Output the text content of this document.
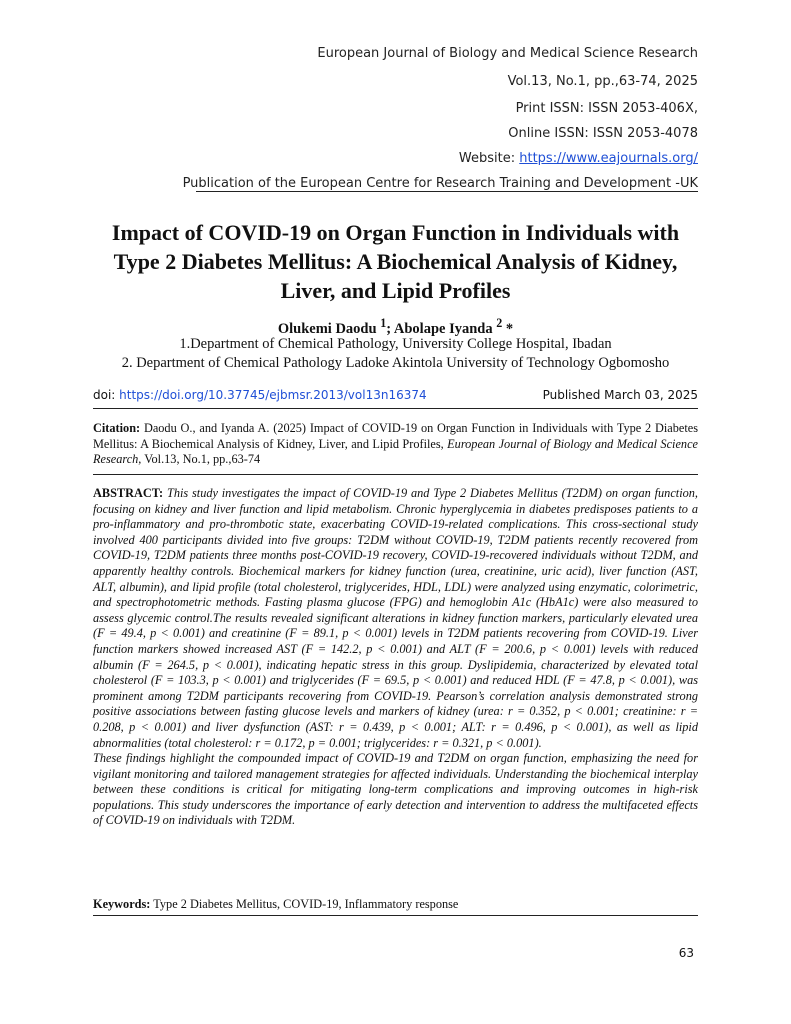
European Journal of Biology and Medical Science Research
Vol.13, No.1, pp.,63-74, 2025
Print ISSN: ISSN 2053-406X,
Online ISSN: ISSN 2053-4078
Website: https://www.eajournals.org/
Publication of the European Centre for Research Training and Development -UK
Impact of COVID-19 on Organ Function in Individuals with
Type 2 Diabetes Mellitus: A Biochemical Analysis of Kidney,
Liver, and Lipid Profiles
Olukemi Daodu $^1$; Abolape Iyanda $^2$ *
1.Department of Chemical Pathology, University College Hospital, Ibadan
2. Department of Chemical Pathology Ladoke Akintola University of Technology Ogbomosho
doi: https://doi.org/10.37745/ejbmsr.2013/vol13n16374	Published March 03, 2025
Citation: Daodu O., and Iyanda A. (2025) Impact of COVID-19 on Organ Function in Individuals with Type 2 Diabetes Mellitus: A Biochemical Analysis of Kidney, Liver, and Lipid Profiles, European Journal of Biology and Medical Science Research, Vol.13, No.1, pp.,63-74

ABSTRACT: This study investigates the impact of COVID-19 and Type 2 Diabetes Mellitus (T2DM) on organ function, focusing on kidney and liver function and lipid metabolism. Chronic hyperglycemia in diabetes predisposes patients to a pro-inflammatory and pro-thrombotic state, exacerbating COVID-19-related complications. This cross-sectional study involved 400 participants divided into five groups: T2DM without COVID-19, T2DM patients recently recovered from COVID-19, T2DM patients three months post-COVID-19 recovery, COVID-19-recovered individuals without T2DM, and apparently healthy controls. Biochemical markers for kidney function (urea, creatinine, uric acid), liver function (AST, ALT, albumin), and lipid profile (total cholesterol, triglycerides, HDL, LDL) were analyzed using enzymatic, colorimetric, and spectrophotometric methods. Fasting plasma glucose (FPG) and hemoglobin A1c (HbA1c) were also measured to assess glycemic control.The results revealed significant alterations in kidney function markers, particularly elevated urea (F = 49.4, p < 0.001) and creatinine (F = 89.1, p < 0.001) levels in T2DM patients recovering from COVID-19. Liver function markers showed increased AST (F = 142.2, p < 0.001) and ALT (F = 200.6, p < 0.001) levels with reduced albumin (F = 264.5, p < 0.001), indicating hepatic stress in this group. Dyslipidemia, characterized by elevated total cholesterol (F = 103.3, p < 0.001) and triglycerides (F = 69.5, p < 0.001) and reduced HDL (F = 47.8, p < 0.001), was prominent among T2DM participants recovering from COVID-19. Pearson’s correlation analysis demonstrated strong positive associations between fasting glucose levels and markers of kidney (urea: r = 0.352, p < 0.001; creatinine: r = 0.208, p < 0.001) and liver dysfunction (AST: r = 0.439, p < 0.001; ALT: r = 0.496, p < 0.001), as well as lipid abnormalities (total cholesterol: r = 0.172, p = 0.001; triglycerides: r = 0.321, p < 0.001).

These findings highlight the compounded impact of COVID-19 and T2DM on organ function, emphasizing the need for vigilant monitoring and tailored management strategies for affected individuals. Understanding the biochemical interplay between these conditions is critical for mitigating long-term complications and improving outcomes in high-risk populations. This study underscores the importance of early detection and intervention to address the multifaceted effects of COVID-19 on individuals with T2DM.

Keywords: Type 2 Diabetes Mellitus, COVID-19, Inflammatory response
63
